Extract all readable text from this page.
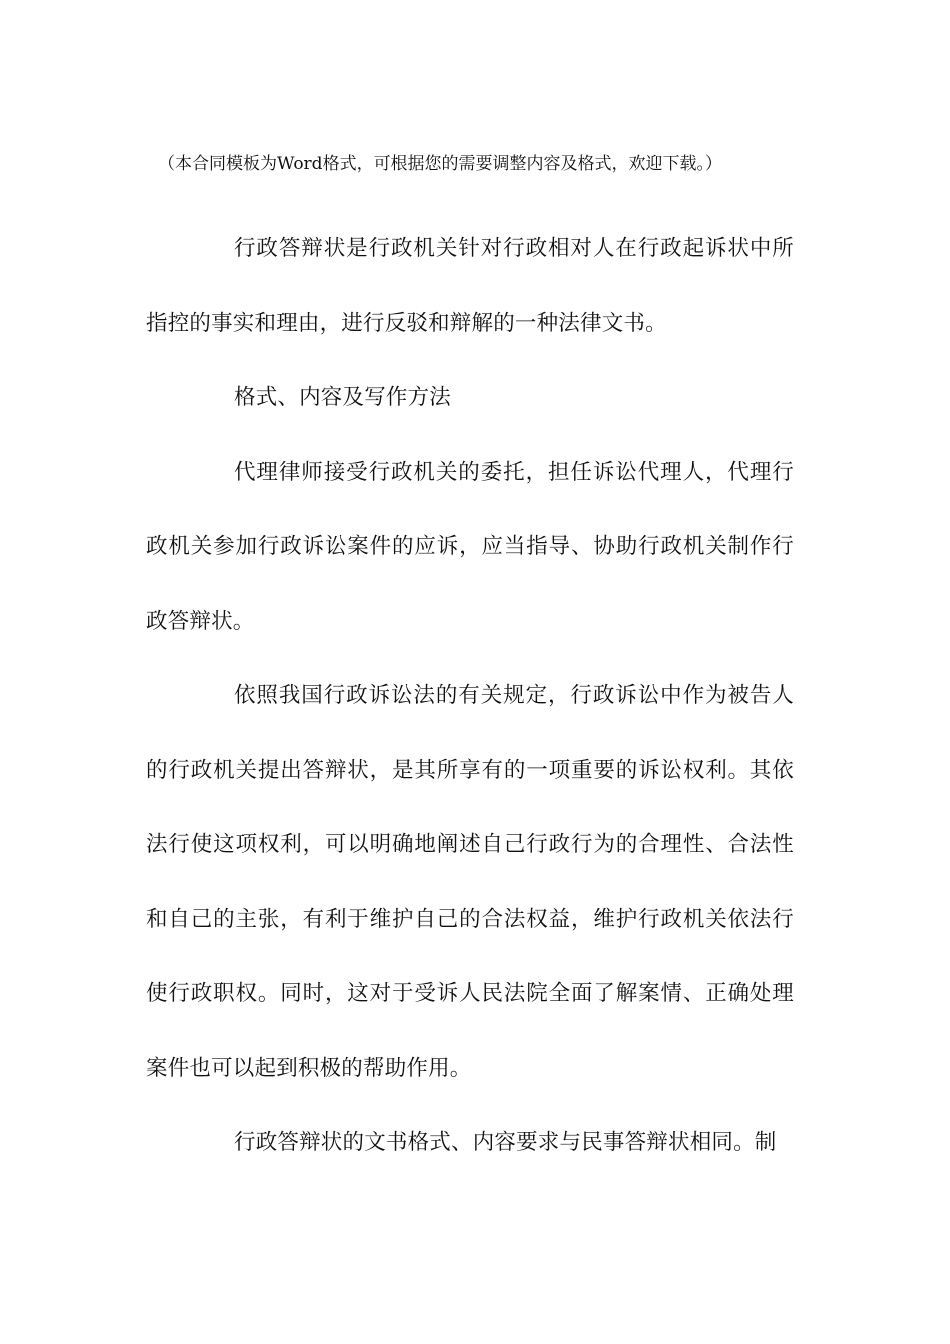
（本合同模板为Word格式，可根据您的需要调整内容及格式，欢迎下载。）

行政答辩状是行政机关针对行政相对人在行政起诉状中所指控的事实和理由，进行反驳和辩解的一种法律文书。

格式、内容及写作方法

代理律师接受行政机关的委托，担任诉讼代理人，代理行政机关参加行政诉讼案件的应诉，应当指导、协助行政机关制作行政答辩状。

依照我国行政诉讼法的有关规定，行政诉讼中作为被告人的行政机关提出答辩状，是其所享有的一项重要的诉讼权利。其依法行使这项权利，可以明确地阐述自己行政行为的合理性、合法性和自己的主张，有利于维护自己的合法权益，维护行政机关依法行使行政职权。同时，这对于受诉人民法院全面了解案情、正确处理案件也可以起到积极的帮助作用。

行政答辩状的文书格式、内容要求与民事答辩状相同。制
